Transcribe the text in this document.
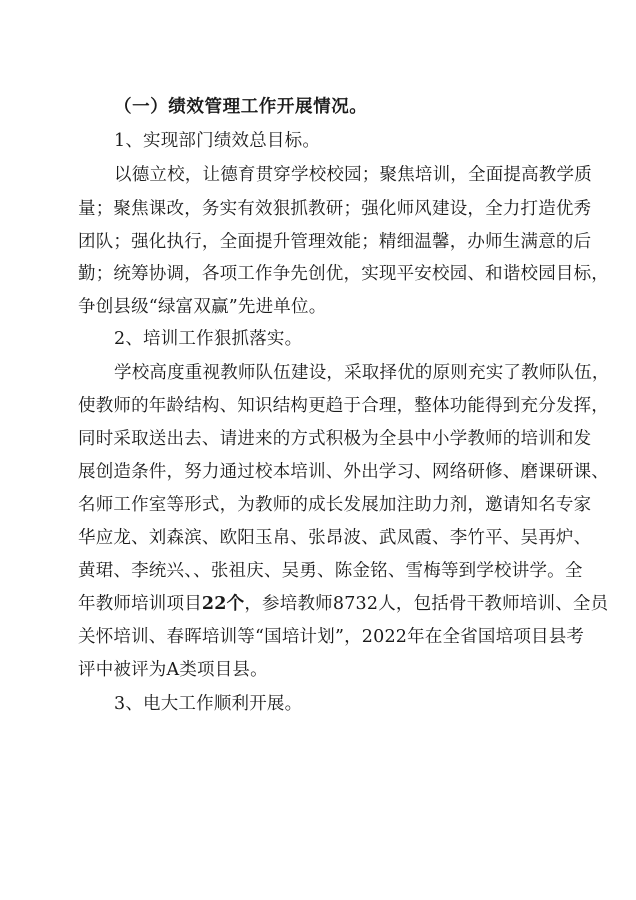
（一）绩效管理工作开展情况。
1、实现部门绩效总目标。
以德立校，让德育贯穿学校校园；聚焦培训，全面提高教学质
量；聚焦课改，务实有效狠抓教研；强化师风建设，全力打造优秀
团队；强化执行，全面提升管理效能；精细温馨，办师生满意的后
勤；统筹协调，各项工作争先创优，实现平安校园、和谐校园目标，
争创县级“绿富双赢”先进单位。
2、培训工作狠抓落实。
学校高度重视教师队伍建设，采取择优的原则充实了教师队伍，
使教师的年龄结构、知识结构更趋于合理，整体功能得到充分发挥，
同时采取送出去、请进来的方式积极为全县中小学教师的培训和发
展创造条件，努力通过校本培训、外出学习、网络研修、磨课研课、
名师工作室等形式，为教师的成长发展加注助力剂，邀请知名专家
华应龙、刘森滨、欧阳玉帛、张昂波、武凤霞、李竹平、吴再炉、
黄珺、李统兴、、张祖庆、吴勇、陈金铭、雪梅等到学校讲学。全
年教师培训项目22个，参培教师8732人，包括骨干教师培训、全员
关怀培训、春晖培训等“国培计划”，2022年在全省国培项目县考
评中被评为A类项目县。
3、电大工作顺利开展。
